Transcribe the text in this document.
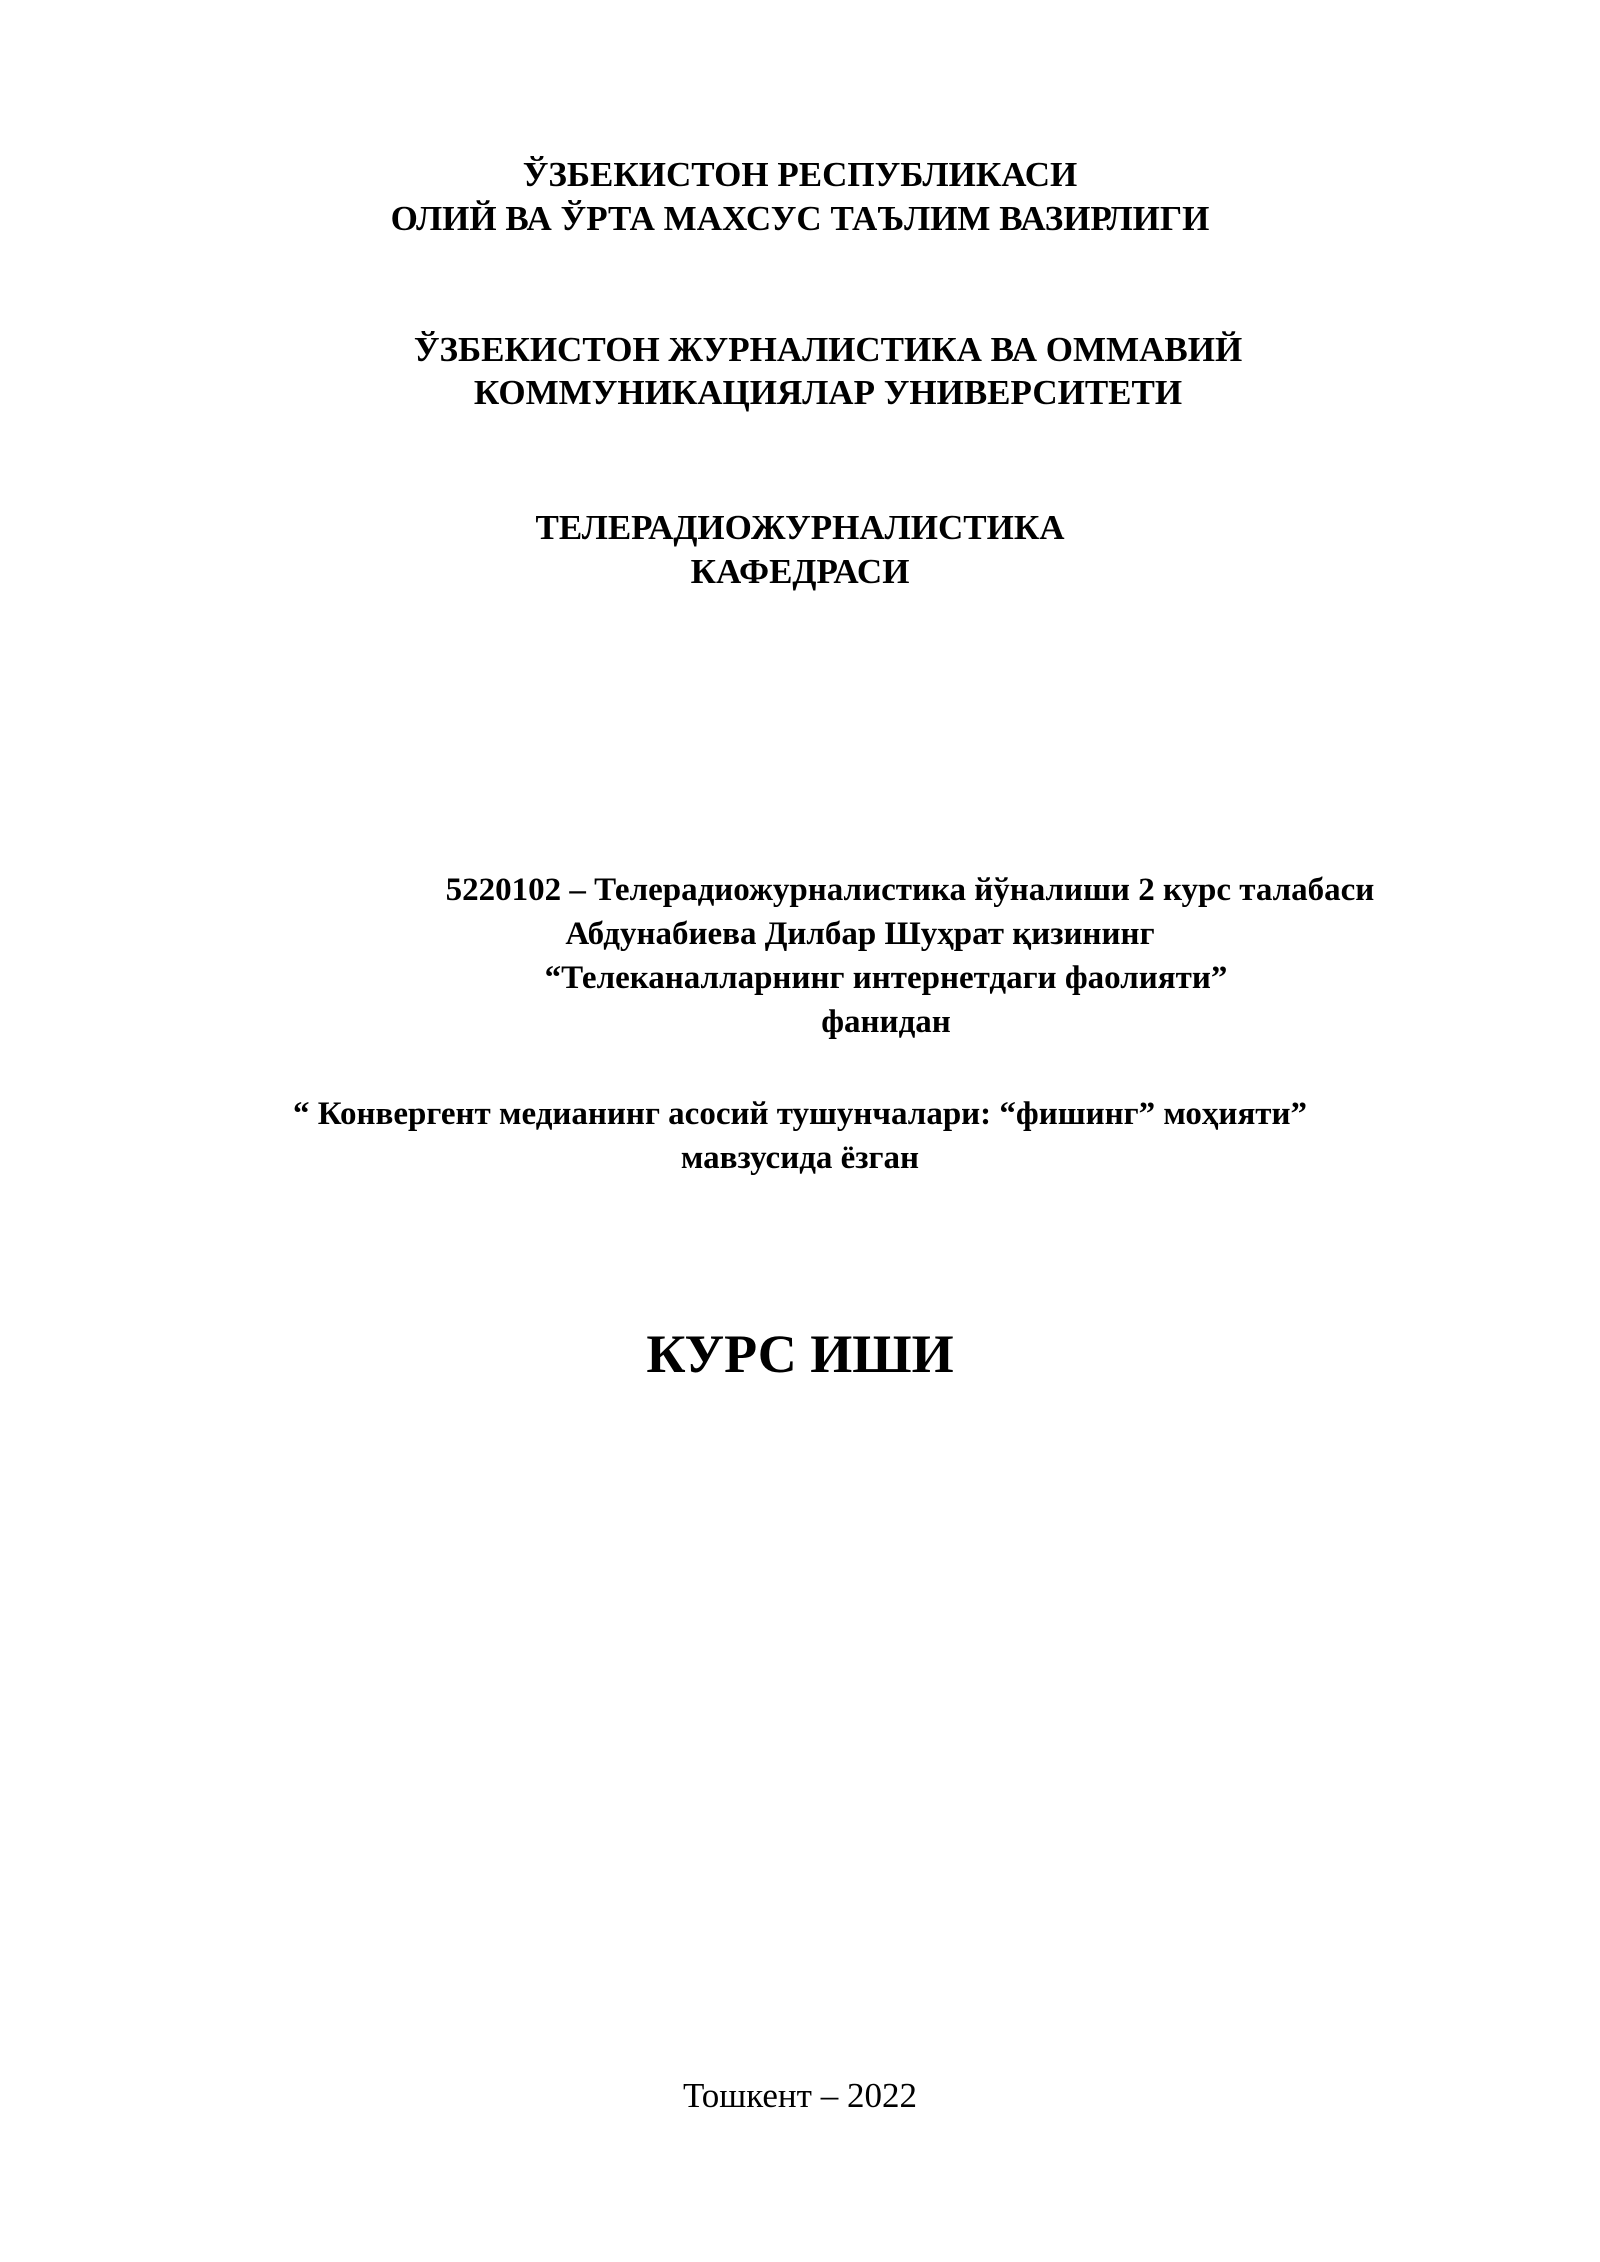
ЎЗБЕКИСТОН РЕСПУБЛИКАСИ
ОЛИЙ ВА ЎРТА МАХСУС ТАЪЛИМ ВАЗИРЛИГИ
ЎЗБЕКИСТОН ЖУРНАЛИСТИКА ВА ОММАВИЙ
КОММУНИКАЦИЯЛАР УНИВЕРСИТЕТИ
ТЕЛЕРАДИОЖУРНАЛИСТИКА
КАФЕДРАСИ
5220102 – Телерадиожурналистика йўналиши 2 курс талабаси
Абдунабиева Дилбар Шуҳрат қизининг
“Телеканалларнинг интернетдаги фаолияти”
фанидан
“ Конвергент медианинг асосий тушунчалари: “фишинг” моҳияти”
мавзусида ёзган
КУРС ИШИ
Тошкент – 2022
